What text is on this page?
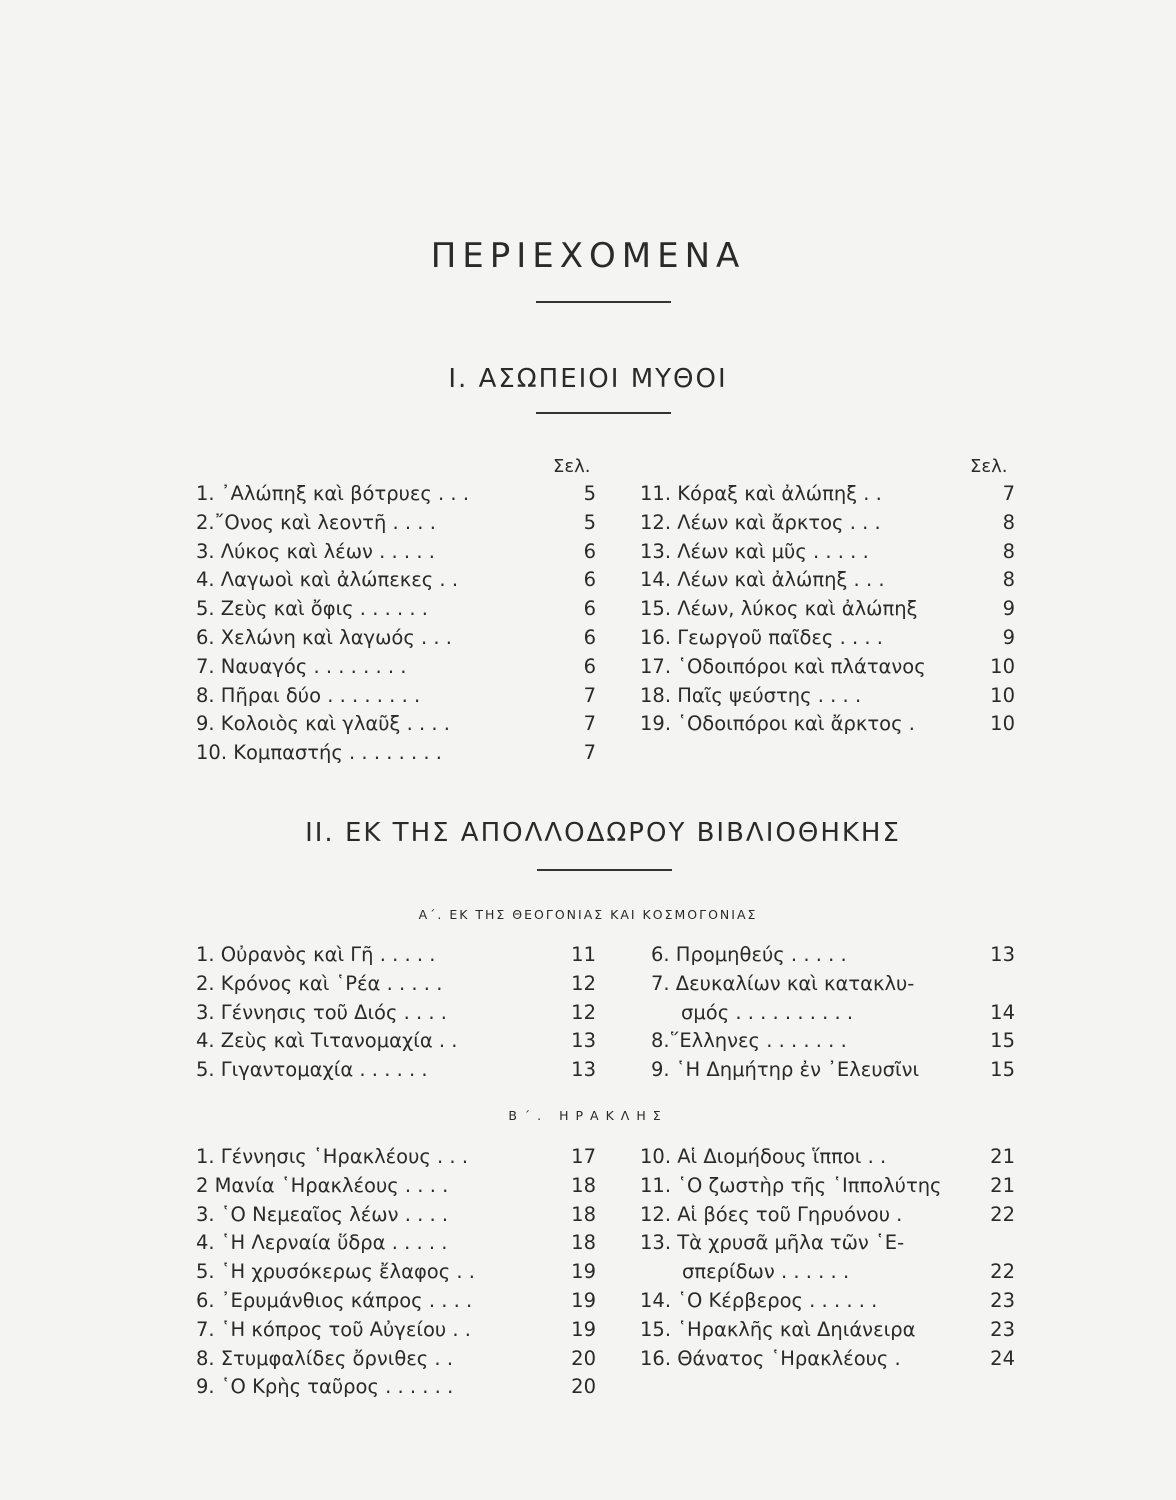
ΠΕΡΙΕΧΟΜΕΝΑ
I. ΑΣΩΠΕΙΟΙ ΜΥΘΟΙ
Σελ.	Σελ.
1. ᾿Αλώπηξ καὶ βότρυες . . .	5
2.῎Ονος καὶ λεοντῆ . . . .	5
3. Λύκος καὶ λέων . . . . .	6
4. Λαγωοὶ καὶ ἀλώπεκες . .	6
5. Ζεὺς καὶ ὄφις . . . . . .	6
6. Χελώνη καὶ λαγωός . . .	6
7. Ναυαγός . . . . . . . .	6
8. Πῆραι δύο . . . . . . . .	7
9. Κολοιὸς καὶ γλαῦξ . . . .	7
10. Κομπαστής . . . . . . . .	7
11. Κόραξ καὶ ἀλώπηξ . .	7
12. Λέων καὶ ἄρκτος . . .	8
13. Λέων καὶ μῦς . . . . .	8
14. Λέων καὶ ἀλώπηξ . . .	8
15. Λέων, λύκος καὶ ἀλώπηξ	9
16. Γεωργοῦ παῖδες . . . .	9
17. ῾Οδοιπόροι καὶ πλάτανος	10
18. Παῖς ψεύστης . . . .	10
19. ῾Οδοιπόροι καὶ ἄρκτος .	10
II. ΕΚ ΤΗΣ ΑΠΟΛΛΟΔΩΡΟΥ ΒΙΒΛΙΟΘΗΚΗΣ
Α΄. ΕΚ ΤΗΣ ΘΕΟΓΟΝΙΑΣ ΚΑΙ ΚΟΣΜΟΓΟΝΙΑΣ
1. Οὐρανὸς καὶ Γῆ . . . . .	11
2. Κρόνος καὶ ῾Ρέα . . . . .	12
3. Γέννησις τοῦ Διός . . . .	12
4. Ζεὺς καὶ Τιτανομαχία . .	13
5. Γιγαντομαχία . . . . . .	13
6. Προμηθεύς . . . . .	13
7. Δευκαλίων καὶ κατακλυ-
σμός . . . . . . . . . .	14
8.῞Ελληνες . . . . . . .	15
9. ῾Η Δημήτηρ ἐν ᾿Ελευσῖνι	15
Β΄. ΗΡΑΚΛΗΣ
1. Γέννησις ῾Ηρακλέους . . .	17
2 Μανία ῾Ηρακλέους . . . .	18
3. ῾Ο Νεμεαῖος λέων . . . .	18
4. ῾Η Λερναία ὕδρα . . . . .	18
5. ῾Η χρυσόκερως ἔλαφος . .	19
6. ᾿Ερυμάνθιος κάπρος . . . .	19
7. ῾Η κόπρος τοῦ Αὐγείου . .	19
8. Στυμφαλίδες ὄρνιθες . .	20
9. ῾Ο Κρὴς ταῦρος . . . . . .	20
10. Αἱ Διομήδους ἵπποι . .	21
11. ῾Ο ζωστὴρ τῆς ῾Ιππολύτης 21
12. Αἱ βόες τοῦ Γηρυόνου .	22
13. Τὰ χρυσᾶ μῆλα τῶν ῾Ε-
σπερίδων . . . . . .	22
14. ῾Ο Κέρβερος . . . . . .	23
15. ῾Ηρακλῆς καὶ Δηιάνειρα	23
16. Θάνατος ῾Ηρακλέους .	24
